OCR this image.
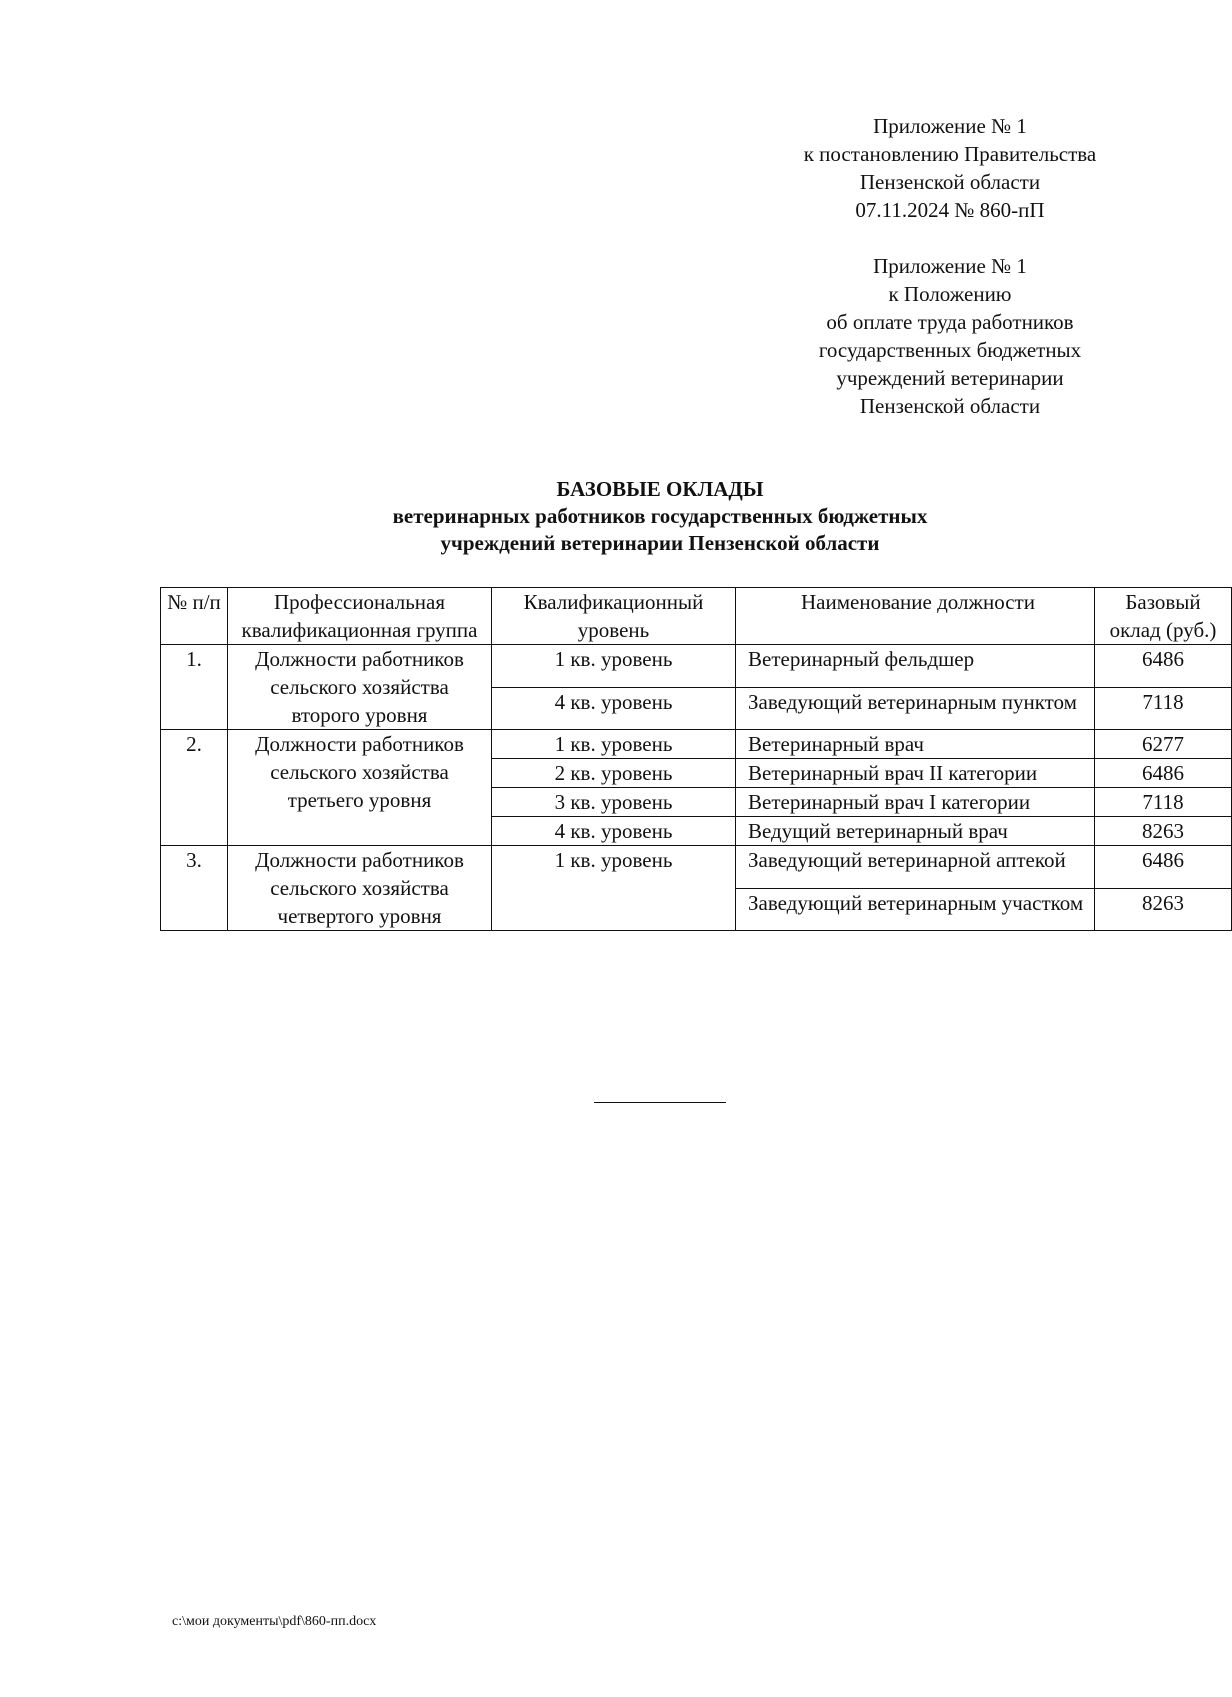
Приложение № 1
к постановлению Правительства
Пензенской области
07.11.2024 № 860-пП
Приложение № 1
к Положению
об оплате труда работников
государственных бюджетных
учреждений ветеринарии
Пензенской области
БАЗОВЫЕ ОКЛАДЫ
ветеринарных работников государственных бюджетных
учреждений ветеринарии Пензенской области
№ п/п	Профессиональная квалификационная группа	Квалификационный уровень	Наименование должности	Базовый оклад (руб.)
1.	Должности работников сельского хозяйства второго уровня	1 кв. уровень	Ветеринарный фельдшер	6486
		4 кв. уровень	Заведующий ветеринарным пунктом	7118
2.	Должности работников сельского хозяйства третьего уровня	1 кв. уровень	Ветеринарный врач	6277
		2 кв. уровень	Ветеринарный врач II категории	6486
		3 кв. уровень	Ветеринарный врач I категории	7118
		4 кв. уровень	Ведущий ветеринарный врач	8263
3.	Должности работников сельского хозяйства четвертого уровня	1 кв. уровень	Заведующий ветеринарной аптекой	6486
			Заведующий ветеринарным участком	8263
c:\мои документы\pdf\860-пп.docx
